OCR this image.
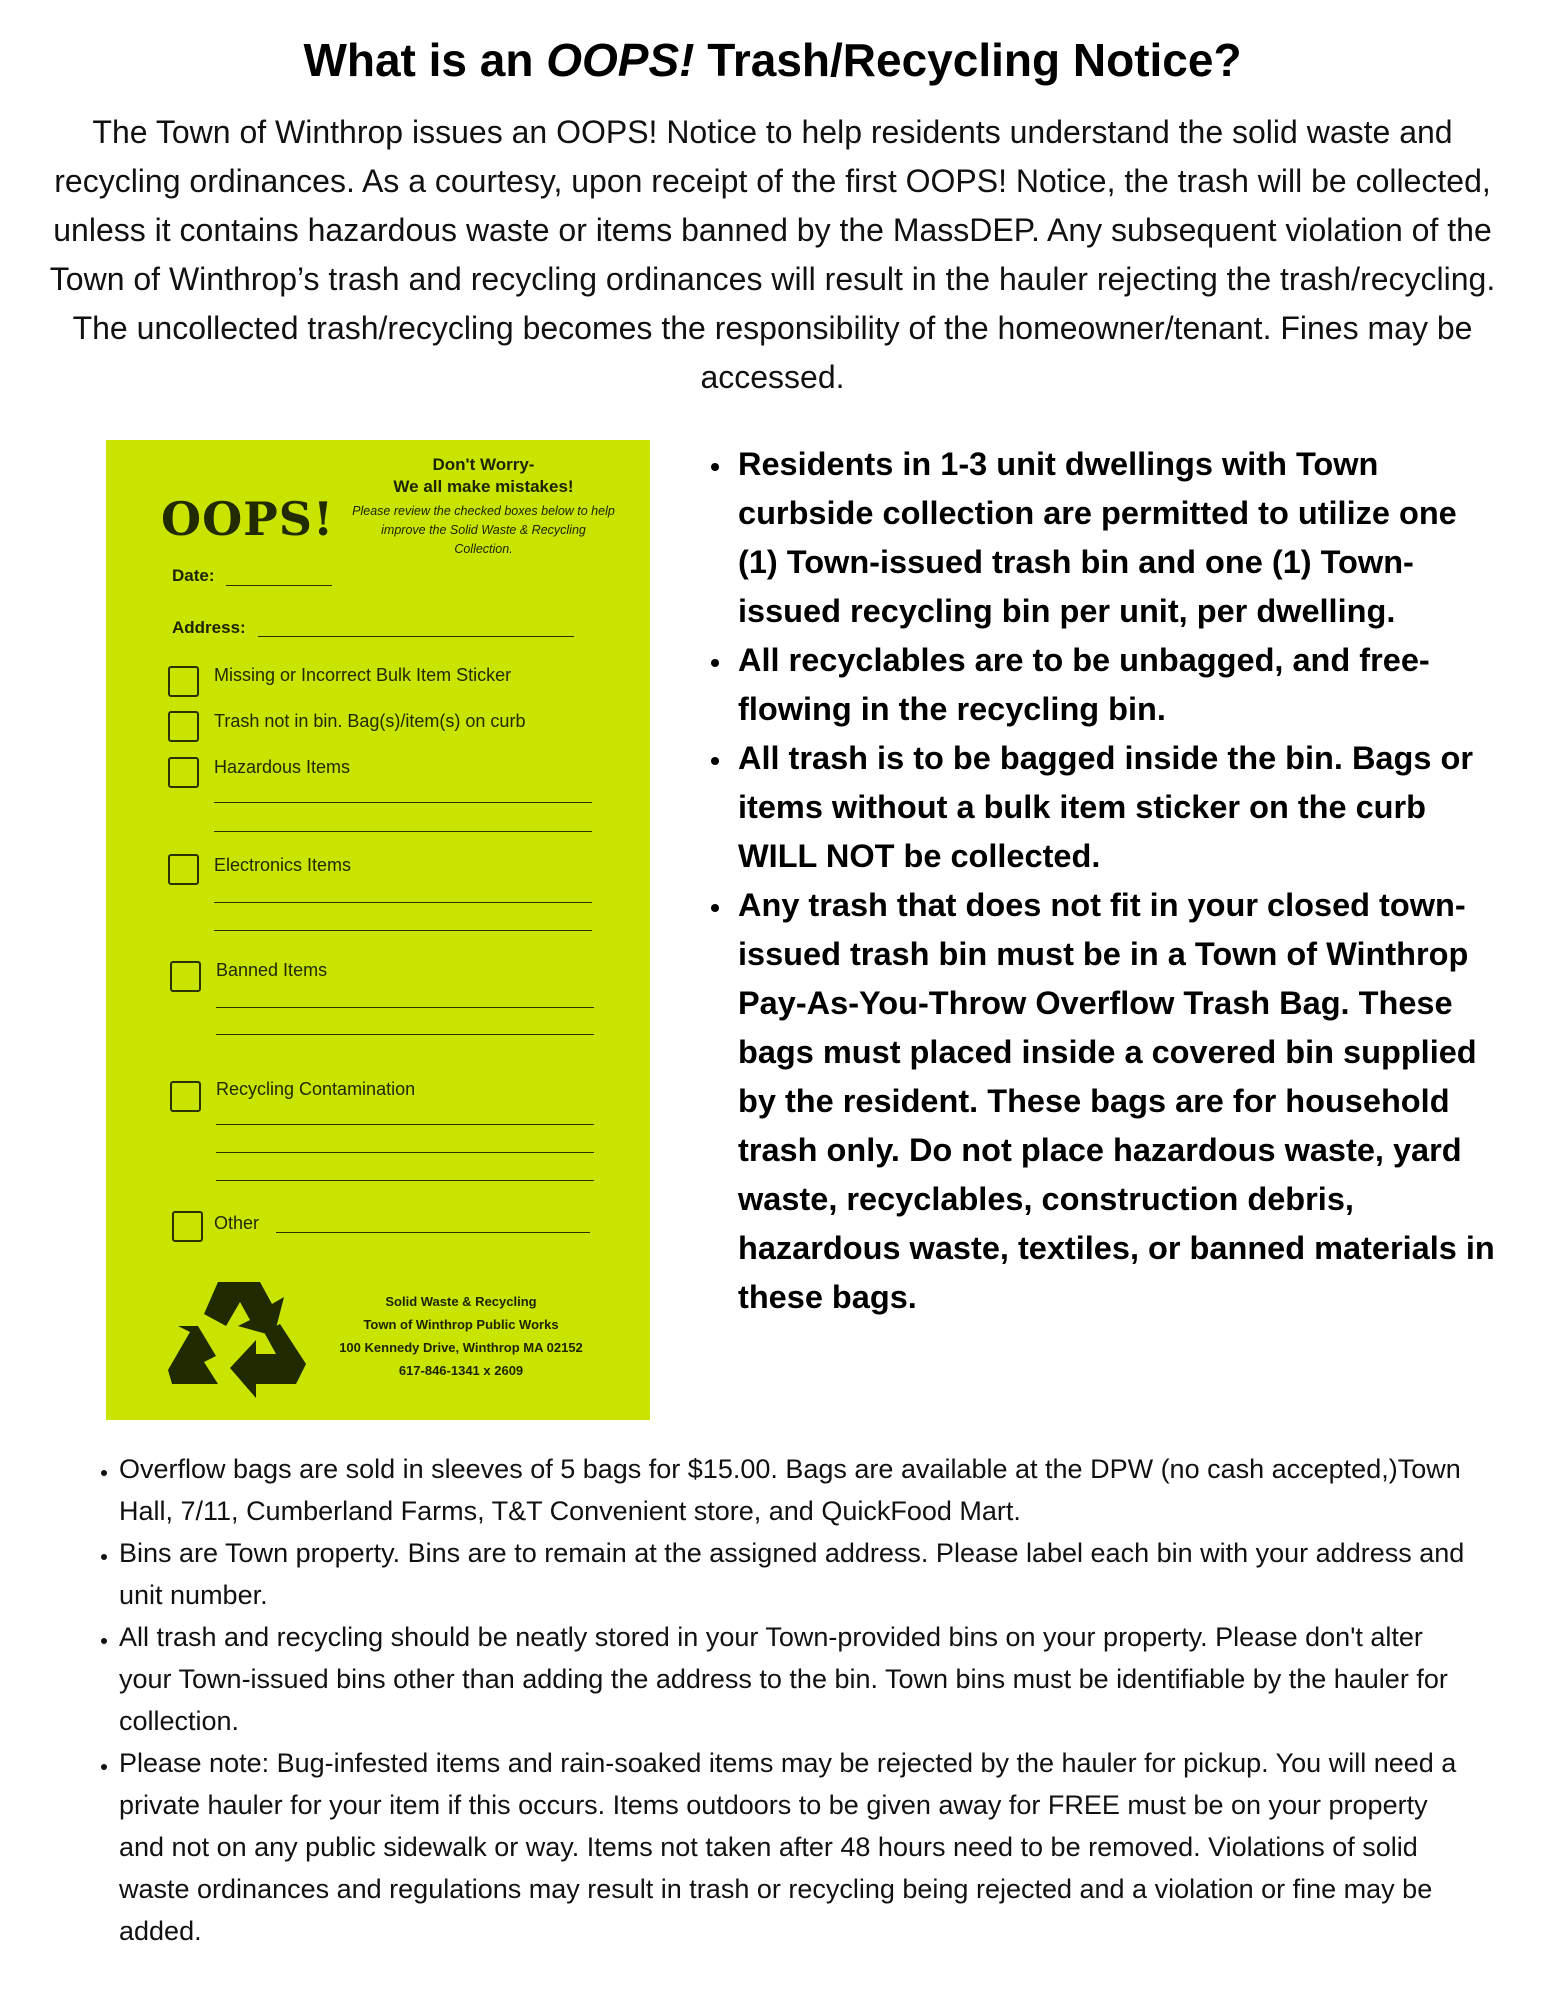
What is an OOPS! Trash/Recycling Notice?

The Town of Winthrop issues an OOPS! Notice to help residents understand the solid waste and recycling ordinances. As a courtesy, upon receipt of the first OOPS! Notice, the trash will be collected, unless it contains hazardous waste or items banned by the MassDEP. Any subsequent violation of the Town of Winthrop’s trash and recycling ordinances will result in the hauler rejecting the trash/recycling. The uncollected trash/recycling becomes the responsibility of the homeowner/tenant. Fines may be accessed.

OOPS!
Don't Worry-
We all make mistakes!
Please review the checked boxes below to help improve the Solid Waste & Recycling Collection.
Date:
Address:
Missing or Incorrect Bulk Item Sticker
Trash not in bin. Bag(s)/item(s) on curb
Hazardous Items
Electronics Items
Banned Items
Recycling Contamination
Other
Solid Waste & Recycling
Town of Winthrop Public Works
100 Kennedy Drive, Winthrop MA 02152
617-846-1341 x 2609
• Residents in 1-3 unit dwellings with Town curbside collection are permitted to utilize one (1) Town-issued trash bin and one (1) Town-issued recycling bin per unit, per dwelling.
• All recyclables are to be unbagged, and free-flowing in the recycling bin.
• All trash is to be bagged inside the bin. Bags or items without a bulk item sticker on the curb WILL NOT be collected.
• Any trash that does not fit in your closed town-issued trash bin must be in a Town of Winthrop Pay-As-You-Throw Overflow Trash Bag. These bags must placed inside a covered bin supplied by the resident. These bags are for household trash only. Do not place hazardous waste, yard waste, recyclables, construction debris, hazardous waste, textiles, or banned materials in these bags.
• Overflow bags are sold in sleeves of 5 bags for $15.00. Bags are available at the DPW (no cash accepted,)Town Hall, 7/11, Cumberland Farms, T&T Convenient store, and QuickFood Mart.
• Bins are Town property. Bins are to remain at the assigned address. Please label each bin with your address and unit number.
• All trash and recycling should be neatly stored in your Town-provided bins on your property. Please don't alter your Town-issued bins other than adding the address to the bin. Town bins must be identifiable by the hauler for collection.
• Please note: Bug-infested items and rain-soaked items may be rejected by the hauler for pickup. You will need a private hauler for your item if this occurs. Items outdoors to be given away for FREE must be on your property and not on any public sidewalk or way. Items not taken after 48 hours need to be removed. Violations of solid waste ordinances and regulations may result in trash or recycling being rejected and a violation or fine may be added.
